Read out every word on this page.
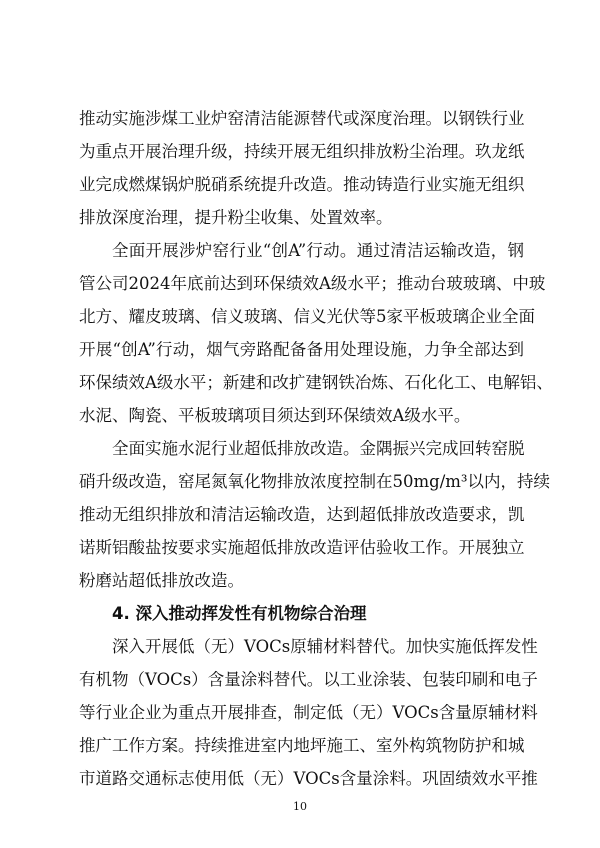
推动实施涉煤工业炉窑清洁能源替代或深度治理。以钢铁行业
为重点开展治理升级，持续开展无组织排放粉尘治理。玖龙纸
业完成燃煤锅炉脱硝系统提升改造。推动铸造行业实施无组织
排放深度治理，提升粉尘收集、处置效率。
全面开展涉炉窑行业“创A”行动。通过清洁运输改造，钢
管公司2024年底前达到环保绩效A级水平；推动台玻玻璃、中玻
北方、耀皮玻璃、信义玻璃、信义光伏等5家平板玻璃企业全面
开展“创A”行动，烟气旁路配备备用处理设施，力争全部达到
环保绩效A级水平；新建和改扩建钢铁冶炼、石化化工、电解铝、
水泥、陶瓷、平板玻璃项目须达到环保绩效A级水平。
全面实施水泥行业超低排放改造。金隅振兴完成回转窑脱
硝升级改造，窑尾氮氧化物排放浓度控制在50mg/m³以内，持续
推动无组织排放和清洁运输改造，达到超低排放改造要求，凯
诺斯铝酸盐按要求实施超低排放改造评估验收工作。开展独立
粉磨站超低排放改造。
4. 深入推动挥发性有机物综合治理
深入开展低（无）VOCs原辅材料替代。加快实施低挥发性
有机物（VOCs）含量涂料替代。以工业涂装、包装印刷和电子
等行业企业为重点开展排查，制定低（无）VOCs含量原辅材料
推广工作方案。持续推进室内地坪施工、室外构筑物防护和城
市道路交通标志使用低（无）VOCs含量涂料。巩固绩效水平推
10
